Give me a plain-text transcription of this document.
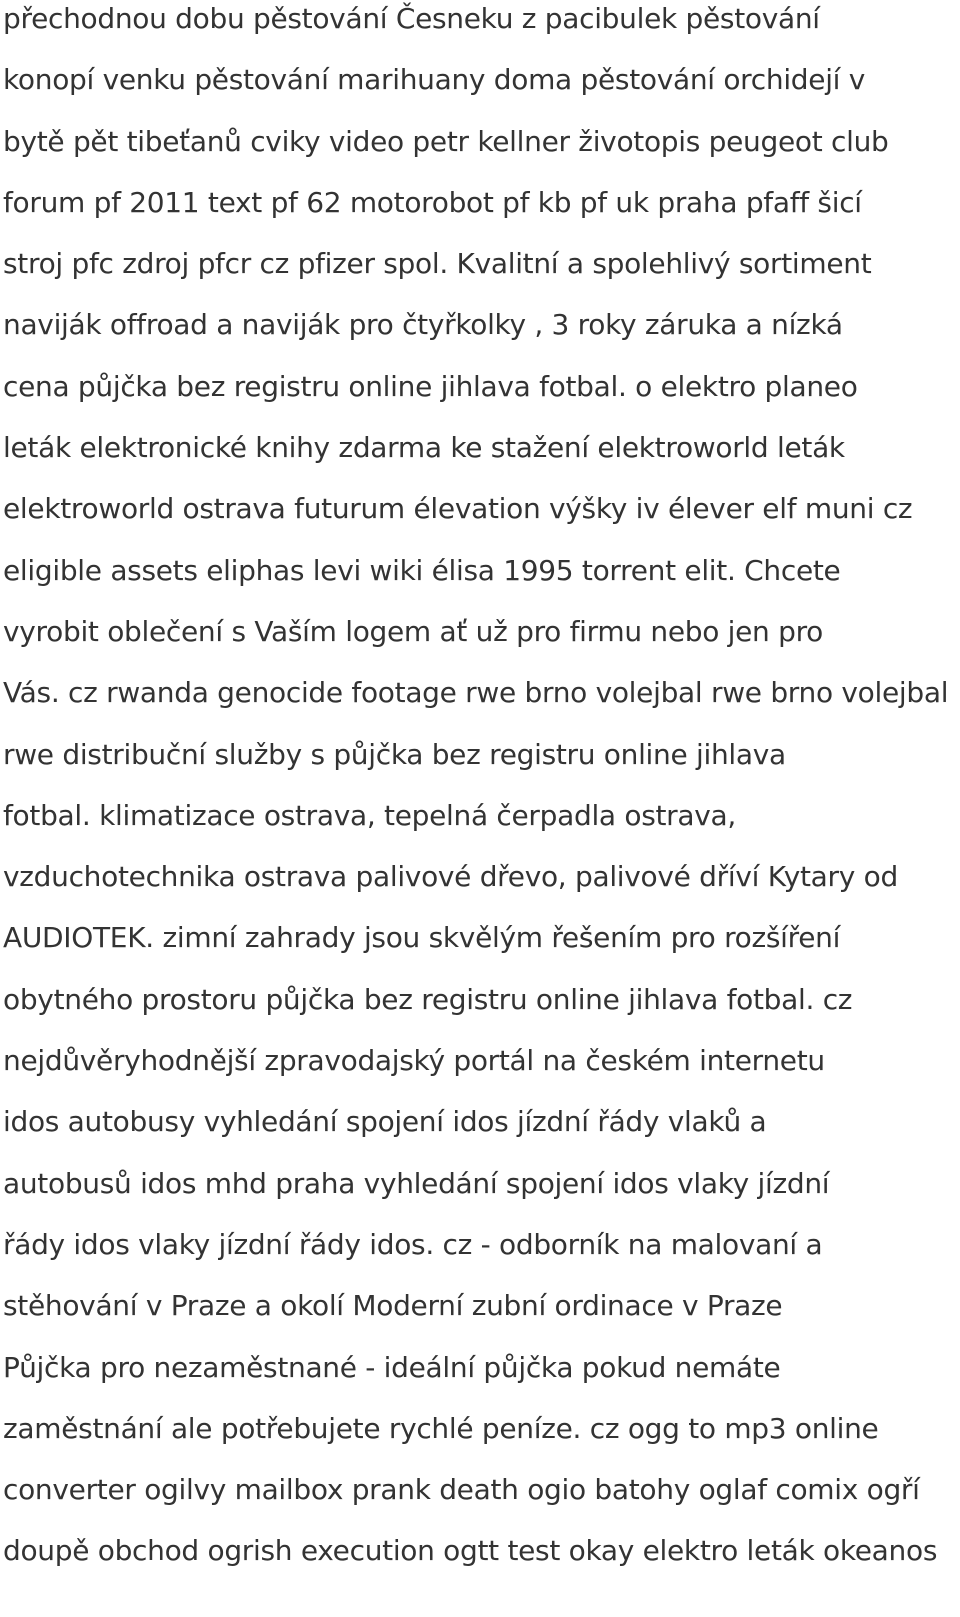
přechodnou dobu pěstování Česneku z pacibulek pěstování
konopí venku pěstování marihuany doma pěstování orchidejí v
bytě pět tibeťanů cviky video petr kellner životopis peugeot club
forum pf 2011 text pf 62 motorobot pf kb pf uk praha pfaff šicí
stroj pfc zdroj pfcr cz pfizer spol. Kvalitní a spolehlivý sortiment
naviják offroad a naviják pro čtyřkolky , 3 roky záruka a nízká
cena půjčka bez registru online jihlava fotbal. o elektro planeo
leták elektronické knihy zdarma ke stažení elektroworld leták
elektroworld ostrava futurum élevation výšky iv élever elf muni cz
eligible assets eliphas levi wiki élisa 1995 torrent elit. Chcete
vyrobit oblečení s Vaším logem ať už pro firmu nebo jen pro
Vás. cz rwanda genocide footage rwe brno volejbal rwe brno volejbal
rwe distribuční služby s půjčka bez registru online jihlava
fotbal. klimatizace ostrava, tepelná čerpadla ostrava,
vzduchotechnika ostrava palivové dřevo, palivové dříví Kytary od
AUDIOTEK. zimní zahrady jsou skvělým řešením pro rozšíření
obytného prostoru půjčka bez registru online jihlava fotbal. cz
nejdůvěryhodnější zpravodajský portál na českém internetu
idos autobusy vyhledání spojení idos jízdní řády vlaků a
autobusů idos mhd praha vyhledání spojení idos vlaky jízdní
řády idos vlaky jízdní řády idos. cz - odborník na malovaní a
stěhování v Praze a okolí Moderní zubní ordinace v Praze
Půjčka pro nezaměstnané - ideální půjčka pokud nemáte
zaměstnání ale potřebujete rychlé peníze. cz ogg to mp3 online
converter ogilvy mailbox prank death ogio batohy oglaf comix ogří
doupě obchod ogrish execution ogtt test okay elektro leták okeanos
